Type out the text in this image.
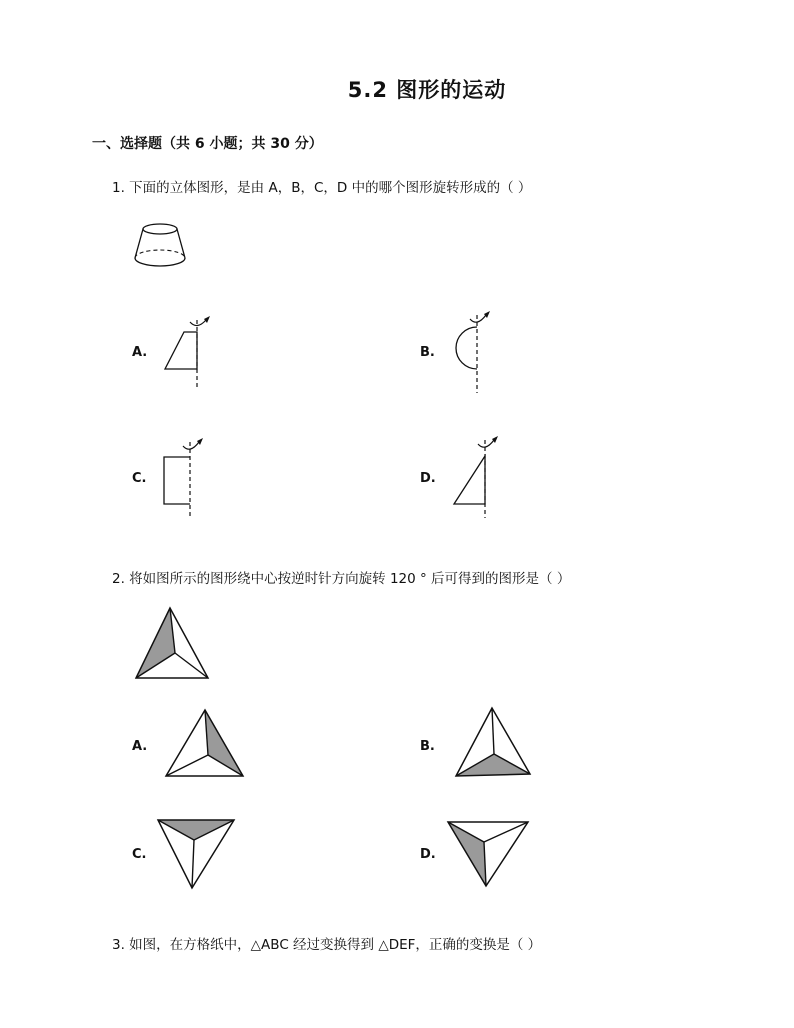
5.2 图形的运动
一、选择题（共 6 小题；共 30 分）
1. 下面的立体图形，是由 A，B，C，D 中的哪个图形旋转形成的（ ）
A.	B.
C.	D.
2. 将如图所示的图形绕中心按逆时针方向旋转 120 ° 后可得到的图形是（ ）
A.	B.
C.	D.
3. 如图，在方格纸中，△ABC 经过变换得到 △DEF，正确的变换是（ ）
